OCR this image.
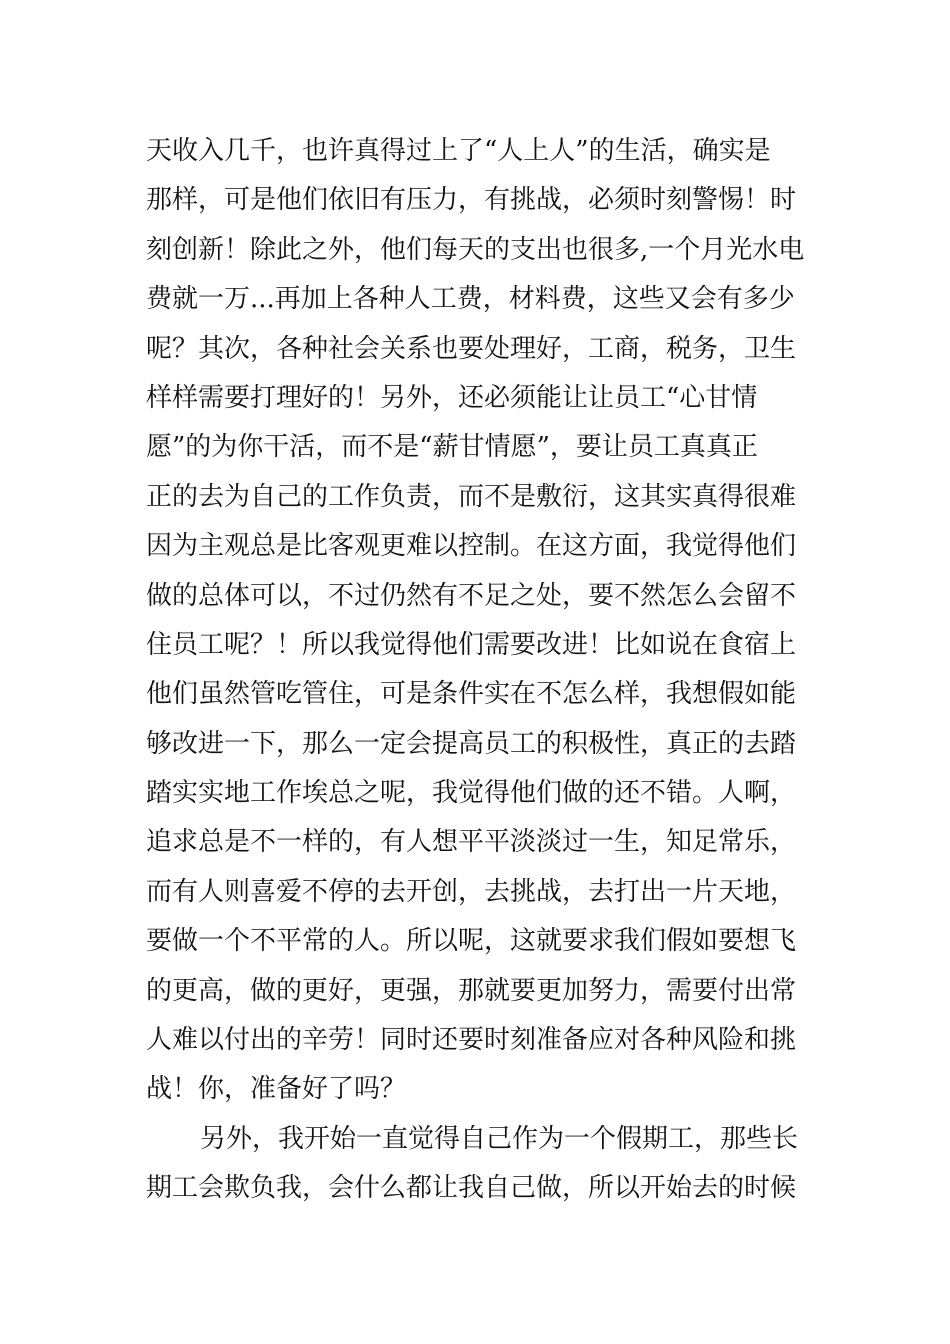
天收入几千，也许真得过上了“人上人”的生活，确实是
那样，可是他们依旧有压力，有挑战，必须时刻警惕！时
刻创新！除此之外，他们每天的支出也很多,一个月光水电
费就一万...再加上各种人工费，材料费，这些又会有多少
呢？其次，各种社会关系也要处理好，工商，税务，卫生
样样需要打理好的！另外，还必须能让让员工“心甘情
愿”的为你干活，而不是“薪甘情愿”，要让员工真真正
正的去为自己的工作负责，而不是敷衍，这其实真得很难
因为主观总是比客观更难以控制。在这方面，我觉得他们
做的总体可以，不过仍然有不足之处，要不然怎么会留不
住员工呢？！所以我觉得他们需要改进！比如说在食宿上
他们虽然管吃管住，可是条件实在不怎么样，我想假如能
够改进一下，那么一定会提高员工的积极性，真正的去踏
踏实实地工作埃总之呢，我觉得他们做的还不错。人啊，
追求总是不一样的，有人想平平淡淡过一生，知足常乐，
而有人则喜爱不停的去开创，去挑战，去打出一片天地，
要做一个不平常的人。所以呢，这就要求我们假如要想飞
的更高，做的更好，更强，那就要更加努力，需要付出常
人难以付出的辛劳！同时还要时刻准备应对各种风险和挑
战！你，准备好了吗？
另外，我开始一直觉得自己作为一个假期工，那些长
期工会欺负我，会什么都让我自己做，所以开始去的时候
